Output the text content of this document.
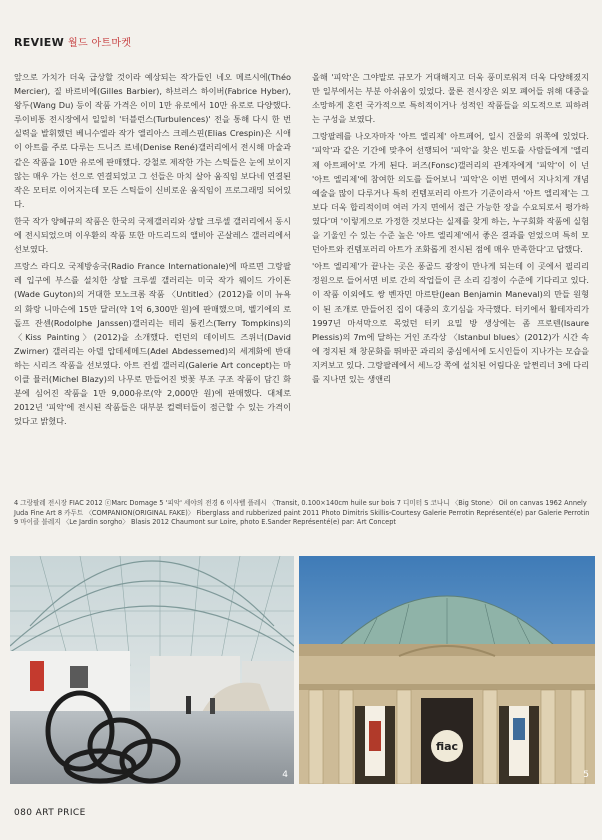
REVIEW 월드 아트마켓

앞으로 가치가 더욱 급상할 것이라 예상되는 작가들인 네오 메르시에(Théo Mercier), 질 바르비에(Gilles Barbier), 하브러스 하이버(Fabrice Hyber), 왕두(Wang Du) 등이 작품 가격은 이미 1만 유로에서 10만 유로로 다양했다. 루이비통 전시장에서 일일히 '터블런스(Turbulences)' 전을 통해 다시 한 번 실력을 발휘했던 베니수엘라 작가 엘리아스 크레스핀(Elias Crespin)은 시애이 아트를 주로 다루는 드니즈 르네(Denise René)갤러리에서 전시해 마술과 같은 작품을 10만 유로에 판매했다. 강철로 제작한 가는 스틱들은 눈에 보이지 않는 매우 가는 선으로 연결되었고 그 선들은 마치 살아 움직임 보다네 연결된 작은 모터로 이어지는데 모든 스틱들이 신비로운 움직임이 프로그래밍 되어있다.

한국 작가 양혜규의 작품은 한국의 국제갤러리와 상탈 크루셀 갤러리에서 동시에 전시되었으며 이우환의 작품 또한 마드리드의 앨비아 곤살레스 갤러리에서 선보였다.

프랑스 라디오 국제방송국(Radio France Internationale)에 따르면 그랑팔레 입구에 부스를 설치한 상탈 크루셀 갤러리는 미국 작가 웨이드 가이톤(Wade Guyton)의 거대한 모노크롬 작품 〈Untitled〉(2012)를 이미 뉴욕의 화랑 니마슨에 15만 달러(약 1억 6,300만 원)에 판매했으며, 벨기에의 로돌프 잔센(Rodolphe Janssen)갤러리는 테리 툼킨스(Terry Tompkins)의 〈Kiss Painting〉(2012)을 소개했다. 런던의 데이비드 즈위너(David Zwirner) 갤러리는 아델 압데세메드(Adel Abdessemed)의 세계화에 반대하는 시리즈 작품을 선보였다. 아트 컨셉 갤러리(Galerie Art concept)는 마이클 뮬러(Michel Blazy)의 나무로 만들어진 벗꽃 부조 구조 작품이 담긴 화분에 심어진 작품을 1만 9,000유로(약 2,000만 원)에 판매했다. 대체로 2012년 '피악'에 전시된 작품들은 대부분 컬렉터들이 점근할 수 있는 가격이었다고 밝혔다.

올해 '피악'은 그야말로 규모가 거대해지고 더욱 풍미로워져 더욱 다양해졌지만 일부에서는 부분 아쉬움이 있었다. 물론 전시장은 외모 폐어들 위해 대중을 소망하게 혼련 국가적으로 특히적이거나 성적인 작품들을 의도적으로 피하려는 구성을 보였다.

그랑팔레를 나오자마자 '아트 엘리제' 아트페어, 일시 건물의 위쪽에 있었다. '피악'과 같은 기간에 맞추어 선행되어 '피악'을 찾은 빈도를 사람들에게 '엘리제 아트페어'로 가게 된다. 퍼즈(Fonsc)갤러리의 관계자에게 '피악'이 이 넌 '아트 엘리제'에 참여한 의도를 들어보니 '피악'은 이번 면에서 지나치게 개념 예술을 많이 다루거나 특히 컨템포러리 아트가 기준이라서 '아트 엘리제'는 그보다 더욱 합리적이며 여러 가지 면에서 접근 가능한 장을 수요되로서 평가하였다'며 '이렇게으로 가정한 것보다는 실제를 찾게 하는, 누구회화 작품에 실험을 기울인 수 있는 수준 높은 '아트 엘리제'에서 좋은 결과를 얻었으며 특히 모던아트와 컨템포러리 아트가 조화롭게 전시된 점에 매우 만족한다'고 답했다.

'아트 엘리제'가 끝나는 곳은 퐁골드 광장이 만나게 되는데 이 곳에서 필리리 정원으로 들어서면 비로 간의 작업들이 큰 소리 김정이 수준에 기다리고 있다. 이 작품 이외에도 쌍 벤자민 마르탄(Jean Benjamin Maneval)의 만들 원형이 된 조개로 만들어진 집이 대중의 호기심을 자극했다. 터키에서 활테자리가 1997년 마셔막으로 목었던 터키 요밀 방 생상에는 좀 프로텐(Isaure Plessis)의 7m에 달하는 거인 조각상 〈Istanbul blues〉(2012)가 시간 속에 정지된 채 창문화를 뛰바꾼 과리의 중심에서에 도시인들이 지나가는 모습을 지켜보고 있다. 그랑팔레에서 세느강 쪽에 설치된 어림다운 알쩐리너 3에 다리를 지나면 있는 생앤리

4 그랑팔레 전시장 FIAC 2012 ⓒMarc Domage 5 '피악' 세야의 전경 6 이사벨 플레시 〈Transit, 0.100×140cm huile sur bois 7 디미터 S 코나니 〈Big Stone〉 Oil on canvas 1962 Annely Juda Fine Art 8 카두트 〈COMPANION(ORIGINAL FAKE)〉 Fiberglass and rubberized paint 2011 Photo Dimitris Skillis-Courtesy Galerie Perrotin Représenté(e) par Galerie Perrotin 9 마이클 블레지 〈Le Jardin sorgho〉 Blasis 2012 Chaumont sur Loire, photo E.Sander Représenté(e) par: Art Concept
4
fiac
5
080 ART PRICE
